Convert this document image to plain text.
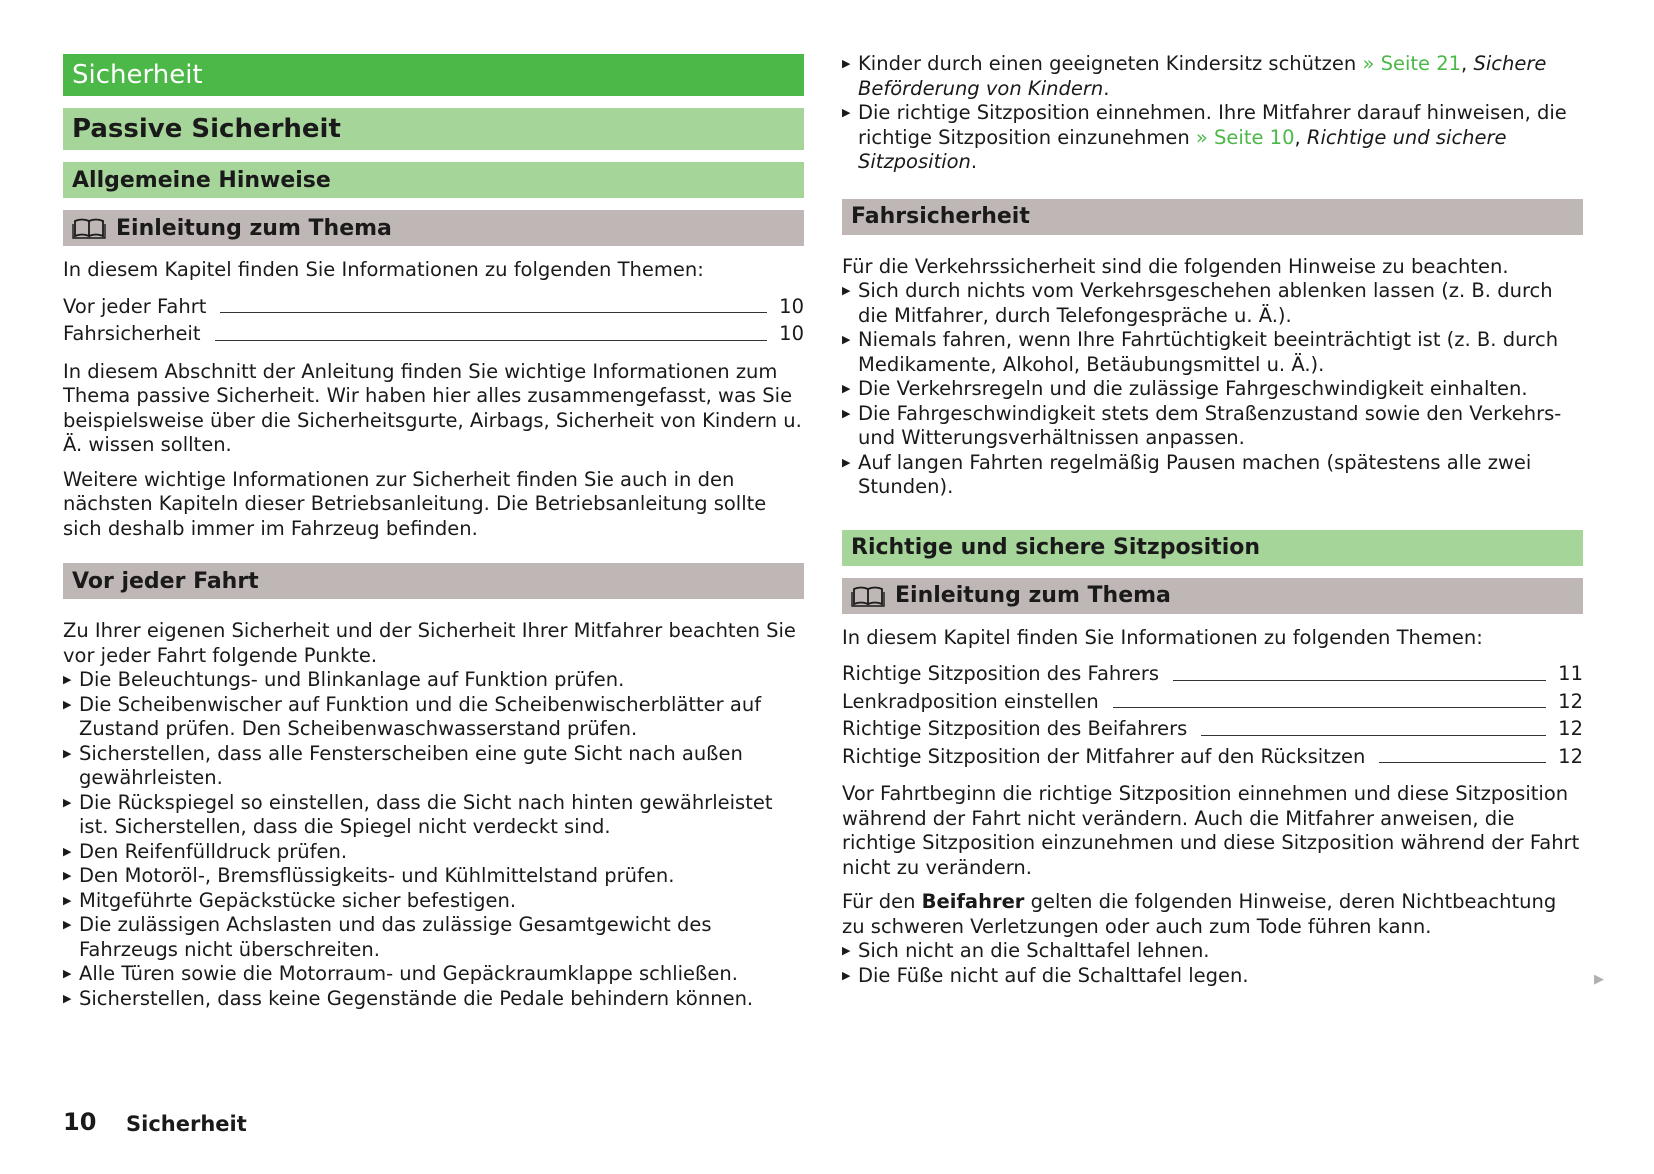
Sicherheit
Passive Sicherheit
Allgemeine Hinweise
Einleitung zum Thema

In diesem Kapitel finden Sie Informationen zu folgenden Themen:

Vor jeder Fahrt	10
Fahrsicherheit	10

In diesem Abschnitt der Anleitung finden Sie wichtige Informationen zum Thema passive Sicherheit. Wir haben hier alles zusammengefasst, was Sie beispielsweise über die Sicherheitsgurte, Airbags, Sicherheit von Kindern u. Ä. wissen sollten.

Weitere wichtige Informationen zur Sicherheit finden Sie auch in den nächsten Kapiteln dieser Betriebsanleitung. Die Betriebsanleitung sollte sich deshalb immer im Fahrzeug befinden.

Vor jeder Fahrt

Zu Ihrer eigenen Sicherheit und der Sicherheit Ihrer Mitfahrer beachten Sie vor jeder Fahrt folgende Punkte.

▶ Die Beleuchtungs- und Blinkanlage auf Funktion prüfen.
▶ Die Scheibenwischer auf Funktion und die Scheibenwischerblätter auf Zustand prüfen. Den Scheibenwaschwasserstand prüfen.
▶ Sicherstellen, dass alle Fensterscheiben eine gute Sicht nach außen gewährleisten.
▶ Die Rückspiegel so einstellen, dass die Sicht nach hinten gewährleistet ist. Sicherstellen, dass die Spiegel nicht verdeckt sind.
▶ Den Reifenfülldruck prüfen.
▶ Den Motoröl-, Bremsflüssigkeits- und Kühlmittelstand prüfen.
▶ Mitgeführte Gepäckstücke sicher befestigen.
▶ Die zulässigen Achslasten und das zulässige Gesamtgewicht des Fahrzeugs nicht überschreiten.
▶ Alle Türen sowie die Motorraum- und Gepäckraumklappe schließen.
▶ Sicherstellen, dass keine Gegenstände die Pedale behindern können.
▶ Kinder durch einen geeigneten Kindersitz schützen » Seite 21, Sichere Beförderung von Kindern.
▶ Die richtige Sitzposition einnehmen. Ihre Mitfahrer darauf hinweisen, die richtige Sitzposition einzunehmen » Seite 10, Richtige und sichere Sitzposition.
Fahrsicherheit

Für die Verkehrssicherheit sind die folgenden Hinweise zu beachten.

▶ Sich durch nichts vom Verkehrsgeschehen ablenken lassen (z. B. durch die Mitfahrer, durch Telefongespräche u. Ä.).
▶ Niemals fahren, wenn Ihre Fahrtüchtigkeit beeinträchtigt ist (z. B. durch Medikamente, Alkohol, Betäubungsmittel u. Ä.).
▶ Die Verkehrsregeln und die zulässige Fahrgeschwindigkeit einhalten.
▶ Die Fahrgeschwindigkeit stets dem Straßenzustand sowie den Verkehrs- und Witterungsverhältnissen anpassen.
▶ Auf langen Fahrten regelmäßig Pausen machen (spätestens alle zwei Stunden).
Richtige und sichere Sitzposition
Einleitung zum Thema

In diesem Kapitel finden Sie Informationen zu folgenden Themen:

Richtige Sitzposition des Fahrers	11
Lenkradposition einstellen	12
Richtige Sitzposition des Beifahrers	12
Richtige Sitzposition der Mitfahrer auf den Rücksitzen	12

Vor Fahrtbeginn die richtige Sitzposition einnehmen und diese Sitzposition während der Fahrt nicht verändern. Auch die Mitfahrer anweisen, die richtige Sitzposition einzunehmen und diese Sitzposition während der Fahrt nicht zu verändern.

Für den Beifahrer gelten die folgenden Hinweise, deren Nichtbeachtung zu schweren Verletzungen oder auch zum Tode führen kann.

▶ Sich nicht an die Schalttafel lehnen.
▶ Die Füße nicht auf die Schalttafel legen.	▶
10 Sicherheit
